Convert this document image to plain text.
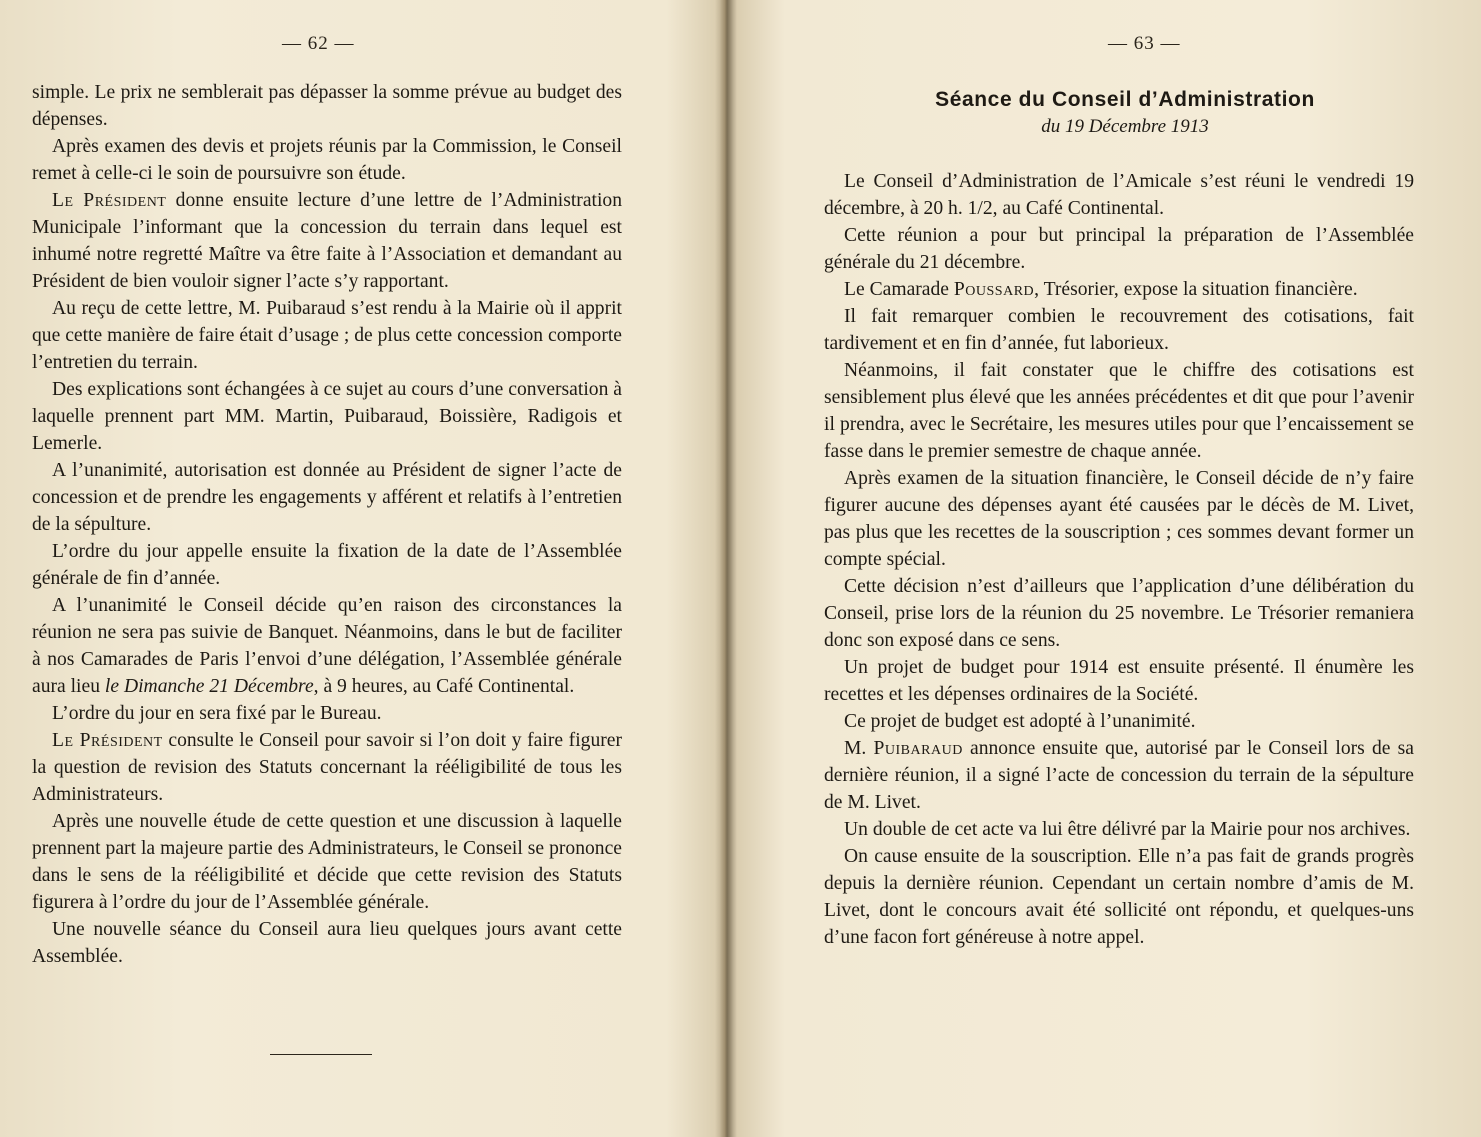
— 62 —

simple. Le prix ne semblerait pas dépasser la somme prévue au budget des dépenses.

Après examen des devis et projets réunis par la Commission, le Conseil remet à celle-ci le soin de poursuivre son étude.

Le Président donne ensuite lecture d’une lettre de l’Administration Municipale l’informant que la concession du terrain dans lequel est inhumé notre regretté Maître va être faite à l’Association et demandant au Président de bien vouloir signer l’acte s’y rapportant.

Au reçu de cette lettre, M. Puibaraud s’est rendu à la Mairie où il apprit que cette manière de faire était d’usage ; de plus cette concession comporte l’entretien du terrain.

Des explications sont échangées à ce sujet au cours d’une conversation à laquelle prennent part MM. Martin, Puibaraud, Boissière, Radigois et Lemerle.

A l’unanimité, autorisation est donnée au Président de signer l’acte de concession et de prendre les engagements y afférent et relatifs à l’entretien de la sépulture.

L’ordre du jour appelle ensuite la fixation de la date de l’Assemblée générale de fin d’année.

A l’unanimité le Conseil décide qu’en raison des circonstances la réunion ne sera pas suivie de Banquet. Néanmoins, dans le but de faciliter à nos Camarades de Paris l’envoi d’une délégation, l’Assemblée générale aura lieu le Dimanche 21 Décembre, à 9 heures, au Café Continental.

L’ordre du jour en sera fixé par le Bureau.

Le Président consulte le Conseil pour savoir si l’on doit y faire figurer la question de revision des Statuts concernant la rééligibilité de tous les Administrateurs.

Après une nouvelle étude de cette question et une discussion à laquelle prennent part la majeure partie des Administrateurs, le Conseil se prononce dans le sens de la rééligibilité et décide que cette revision des Statuts figurera à l’ordre du jour de l’Assemblée générale.

Une nouvelle séance du Conseil aura lieu quelques jours avant cette Assemblée.

— 63 —
Séance du Conseil d’Administration
du 19 Décembre 1913

Le Conseil d’Administration de l’Amicale s’est réuni le vendredi 19 décembre, à 20 h. 1/2, au Café Continental.

Cette réunion a pour but principal la préparation de l’Assemblée générale du 21 décembre.

Le Camarade Poussard, Trésorier, expose la situation financière.

Il fait remarquer combien le recouvrement des cotisations, fait tardivement et en fin d’année, fut laborieux.

Néanmoins, il fait constater que le chiffre des cotisations est sensiblement plus élevé que les années précédentes et dit que pour l’avenir il prendra, avec le Secrétaire, les mesures utiles pour que l’encaissement se fasse dans le premier semestre de chaque année.

Après examen de la situation financière, le Conseil décide de n’y faire figurer aucune des dépenses ayant été causées par le décès de M. Livet, pas plus que les recettes de la souscription ; ces sommes devant former un compte spécial.

Cette décision n’est d’ailleurs que l’application d’une délibération du Conseil, prise lors de la réunion du 25 novembre. Le Trésorier remaniera donc son exposé dans ce sens.

Un projet de budget pour 1914 est ensuite présenté. Il énumère les recettes et les dépenses ordinaires de la Société.

Ce projet de budget est adopté à l’unanimité.

M. Puibaraud annonce ensuite que, autorisé par le Conseil lors de sa dernière réunion, il a signé l’acte de concession du terrain de la sépulture de M. Livet.

Un double de cet acte va lui être délivré par la Mairie pour nos archives.

On cause ensuite de la souscription. Elle n’a pas fait de grands progrès depuis la dernière réunion. Cependant un certain nombre d’amis de M. Livet, dont le concours avait été sollicité ont répondu, et quelques-uns d’une facon fort généreuse à notre appel.
